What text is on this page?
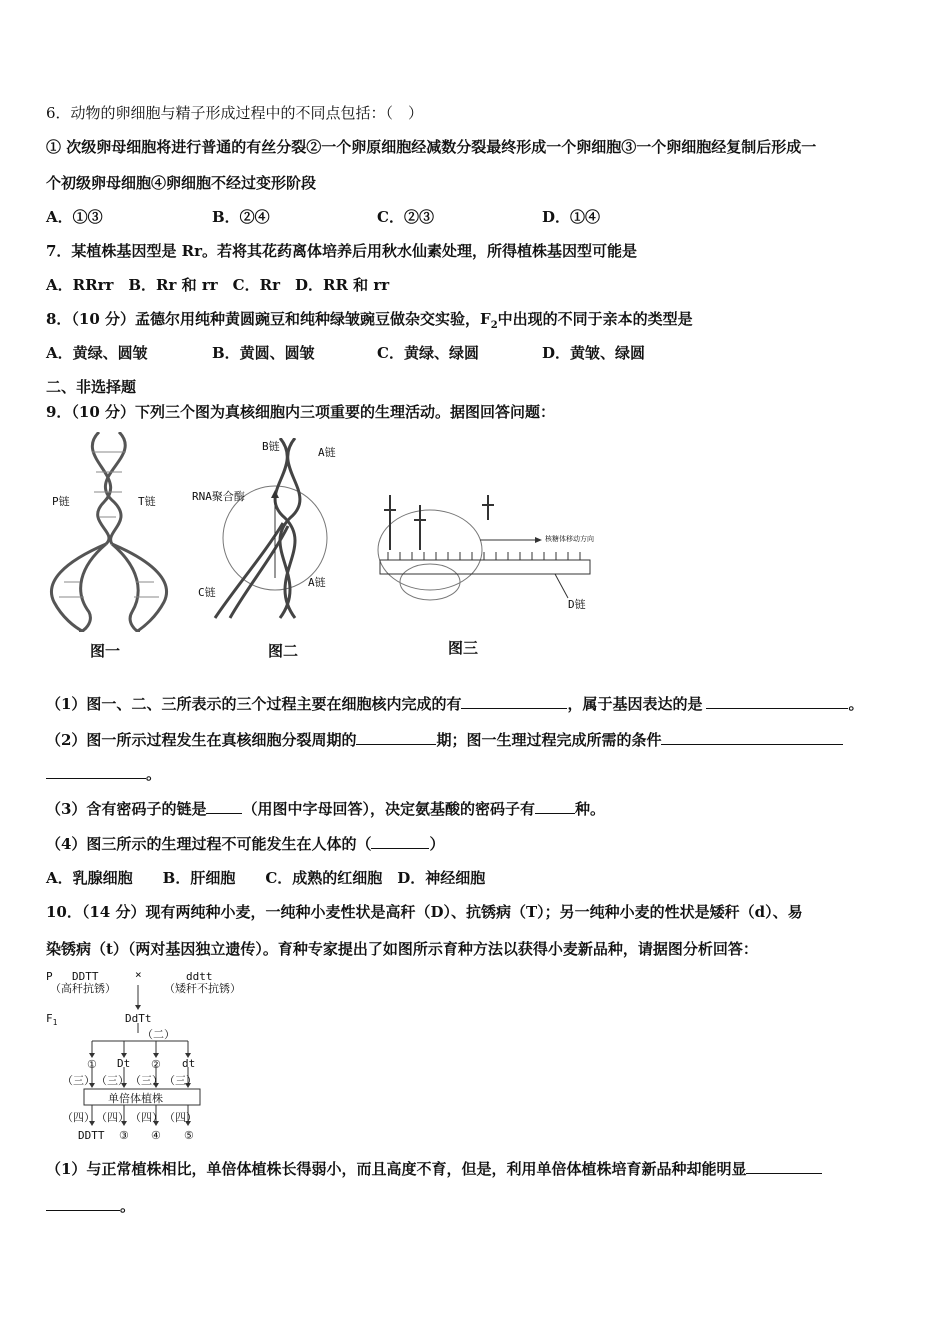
6．动物的卵细胞与精子形成过程中的不同点包括：（　）
① 次级卵母细胞将进行普通的有丝分裂②一个卵原细胞经减数分裂最终形成一个卵细胞③一个卵细胞经复制后形成一
个初级卵母细胞④卵细胞不经过变形阶段
A．①③	B．②④	C．②③	D．①④
7．某植株基因型是 Rr。若将其花药离体培养后用秋水仙素处理，所得植株基因型可能是
A．RRrr　B．Rr 和 rr　C．Rr　D．RR 和 rr
8．（10 分）孟德尔用纯种黄圆豌豆和纯种绿皱豌豆做杂交实验，$F_2$中出现的不同于亲本的类型是
A．黄绿、圆皱	B．黄圆、圆皱	C．黄绿、绿圆	D．黄皱、绿圆
二、非选择题
9．（10 分）下列三个图为真核细胞内三项重要的生理活动。据图回答问题：
P链	T链
图一
B链	A链
RNA聚合酶
C链
A链
图二
核糖体移动方向
D链
图三
（1）图一、二、三所表示的三个过程主要在细胞核内完成的有	，属于基因表达的是	。
（2）图一所示过程发生在真核细胞分裂周期的	期；图一生理过程完成所需的条件
。
（3）含有密码子的链是 （用图中字母回答），决定氨基酸的密码子有	种。
（4）图三所示的生理过程不可能发生在人体的（	）
A．乳腺细胞　　B．肝细胞　　C．成熟的红细胞　D．神经细胞
10．（14 分）现有两纯种小麦，一纯种小麦性状是高秆（D）、抗锈病（T）；另一纯种小麦的性状是矮秆（d）、易
染锈病（t）（两对基因独立遗传）。育种专家提出了如图所示育种方法以获得小麦新品种，请据图分析回答：
P DDTT	×	ddtt
（高秆抗锈）	（矮秆不抗锈）
$F_1$	DdTt
（二）
① Dt ② dt
（三） （三） （三） （三）
单倍体植株
（四） （四） （四） （四）
DDTT ③ ④ ⑤
（1）与正常植株相比，单倍体植株长得弱小，而且高度不育，但是，利用单倍体植株培育新品种却能明显
。
